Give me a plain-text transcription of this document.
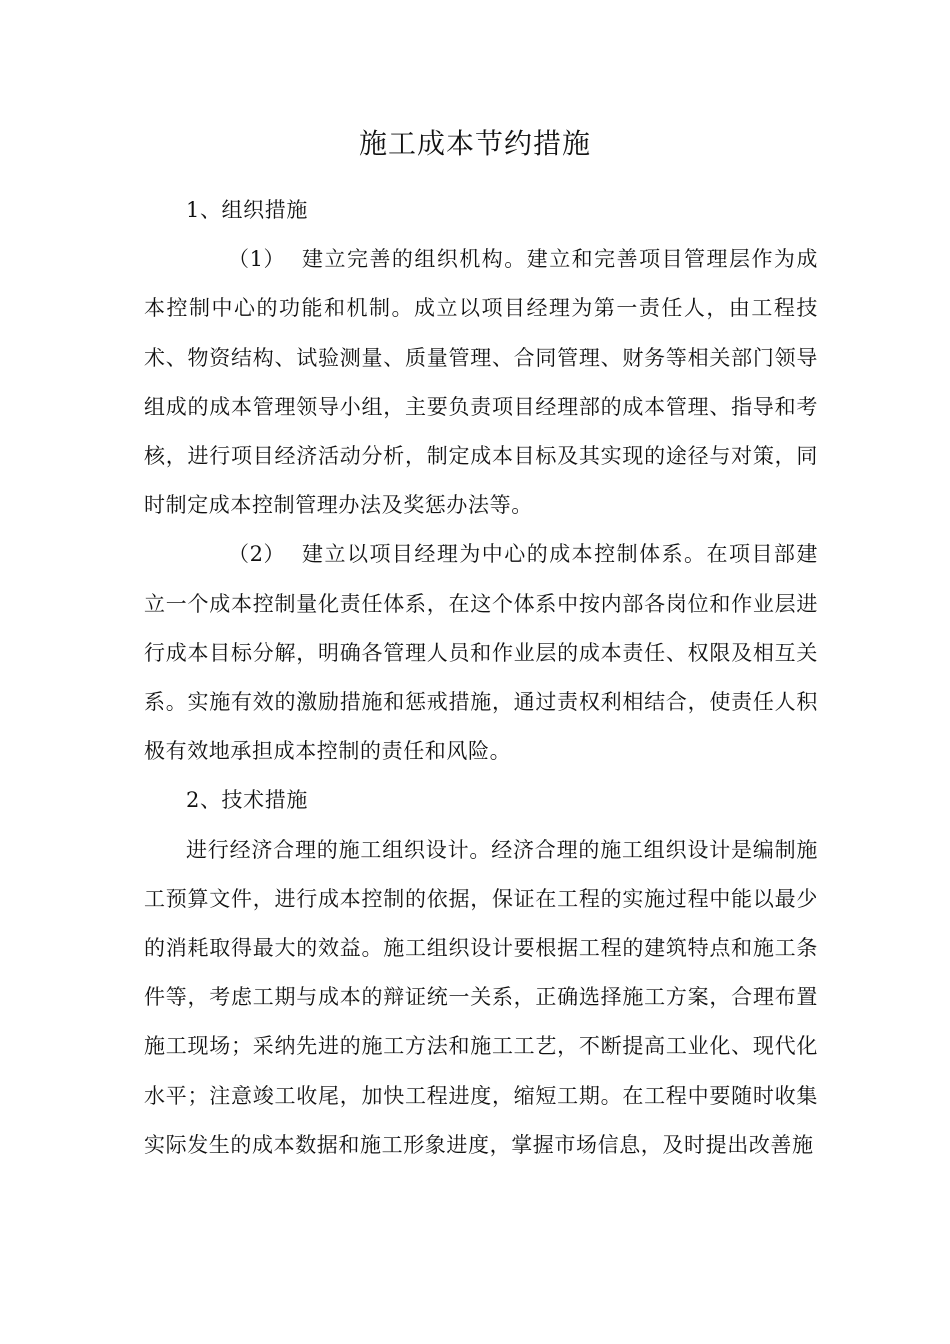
施工成本节约措施

1、组织措施

（1） 建立完善的组织机构。建立和完善项目管理层作为成本控制中心的功能和机制。成立以项目经理为第一责任人，由工程技术、物资结构、试验测量、质量管理、合同管理、财务等相关部门领导组成的成本管理领导小组，主要负责项目经理部的成本管理、指导和考核，进行项目经济活动分析，制定成本目标及其实现的途径与对策，同时制定成本控制管理办法及奖惩办法等。

（2） 建立以项目经理为中心的成本控制体系。在项目部建立一个成本控制量化责任体系，在这个体系中按内部各岗位和作业层进行成本目标分解，明确各管理人员和作业层的成本责任、权限及相互关系。实施有效的激励措施和惩戒措施，通过责权利相结合，使责任人积极有效地承担成本控制的责任和风险。

2、技术措施

进行经济合理的施工组织设计。经济合理的施工组织设计是编制施工预算文件，进行成本控制的依据，保证在工程的实施过程中能以最少的消耗取得最大的效益。施工组织设计要根据工程的建筑特点和施工条件等，考虑工期与成本的辩证统一关系，正确选择施工方案，合理布置施工现场；采纳先进的施工方法和施工工艺，不断提高工业化、现代化水平；注意竣工收尾，加快工程进度，缩短工期。在工程中要随时收集实际发生的成本数据和施工形象进度，掌握市场信息，及时提出改善施
